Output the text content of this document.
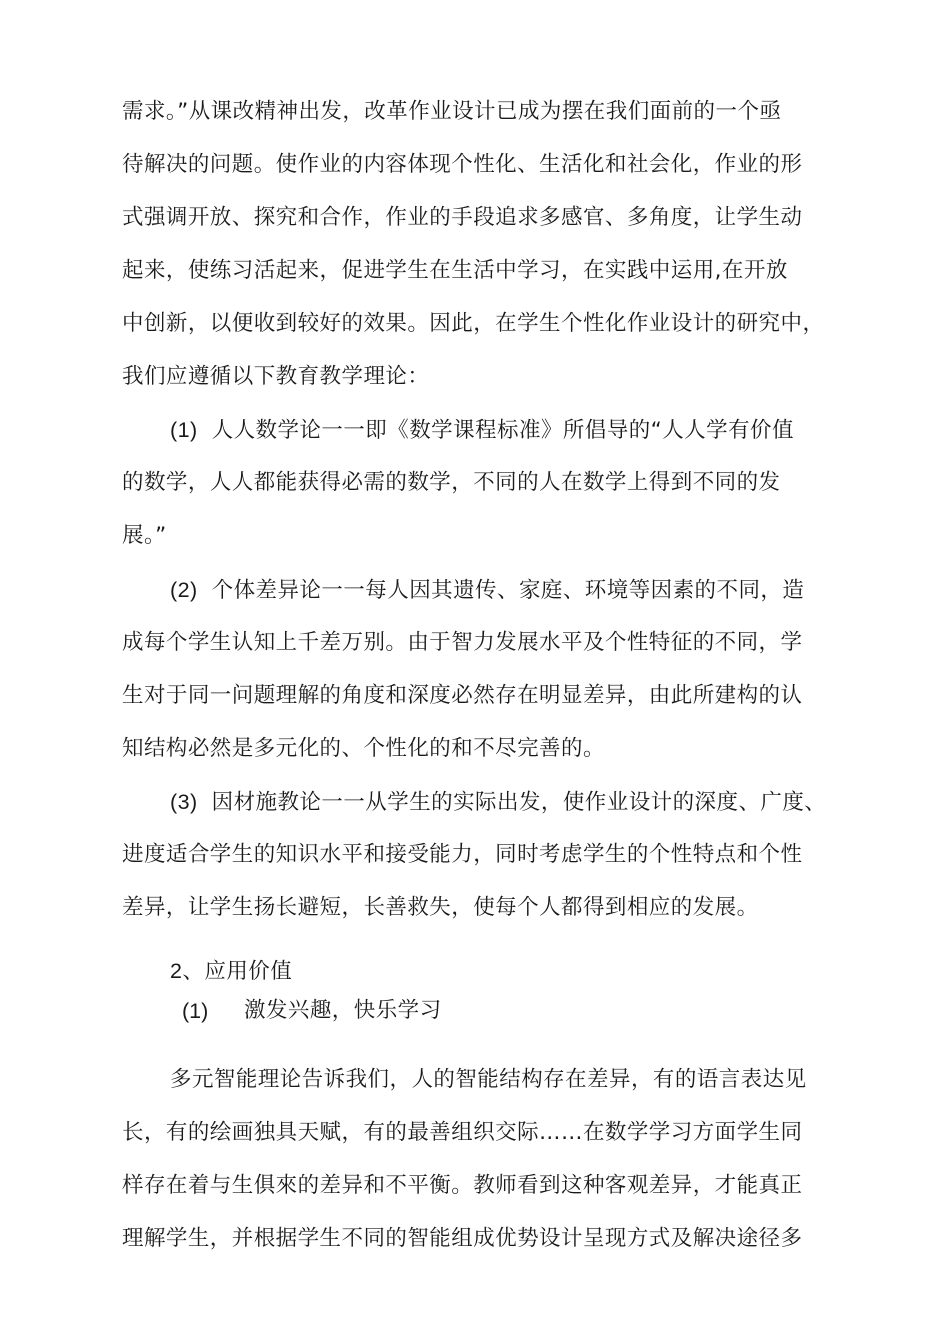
需求。”从课改精神出发，改革作业设计已成为摆在我们面前的一个亟
待解决的问题。使作业的内容体现个性化、生活化和社会化，作业的形
式强调开放、探究和合作，作业的手段追求多感官、多角度，让学生动
起来，使练习活起来，促进学生在生活中学习，在实践中运用,在开放
中创新，以便收到较好的效果。因此，在学生个性化作业设计的研究中，
我们应遵循以下教育教学理论：
(1) 人人数学论一一即《数学课程标准》所倡导的“人人学有价值
的数学，人人都能获得必需的数学，不同的人在数学上得到不同的发
展。”
(2) 个体差异论一一每人因其遗传、家庭、环境等因素的不同，造
成每个学生认知上千差万别。由于智力发展水平及个性特征的不同，学
生对于同一问题理解的角度和深度必然存在明显差异，由此所建构的认
知结构必然是多元化的、个性化的和不尽完善的。
(3) 因材施教论一一从学生的实际出发，使作业设计的深度、广度、
进度适合学生的知识水平和接受能力，同时考虑学生的个性特点和个性
差异，让学生扬长避短，长善救失，使每个人都得到相应的发展。
2、应用价值
(1) 激发兴趣，快乐学习
多元智能理论告诉我们，人的智能结构存在差异，有的语言表达见
长，有的绘画独具天赋，有的最善组织交际……在数学学习方面学生同
样存在着与生俱來的差异和不平衡。教师看到这种客观差异，才能真正
理解学生，并根据学生不同的智能组成优势设计呈现方式及解决途径多
